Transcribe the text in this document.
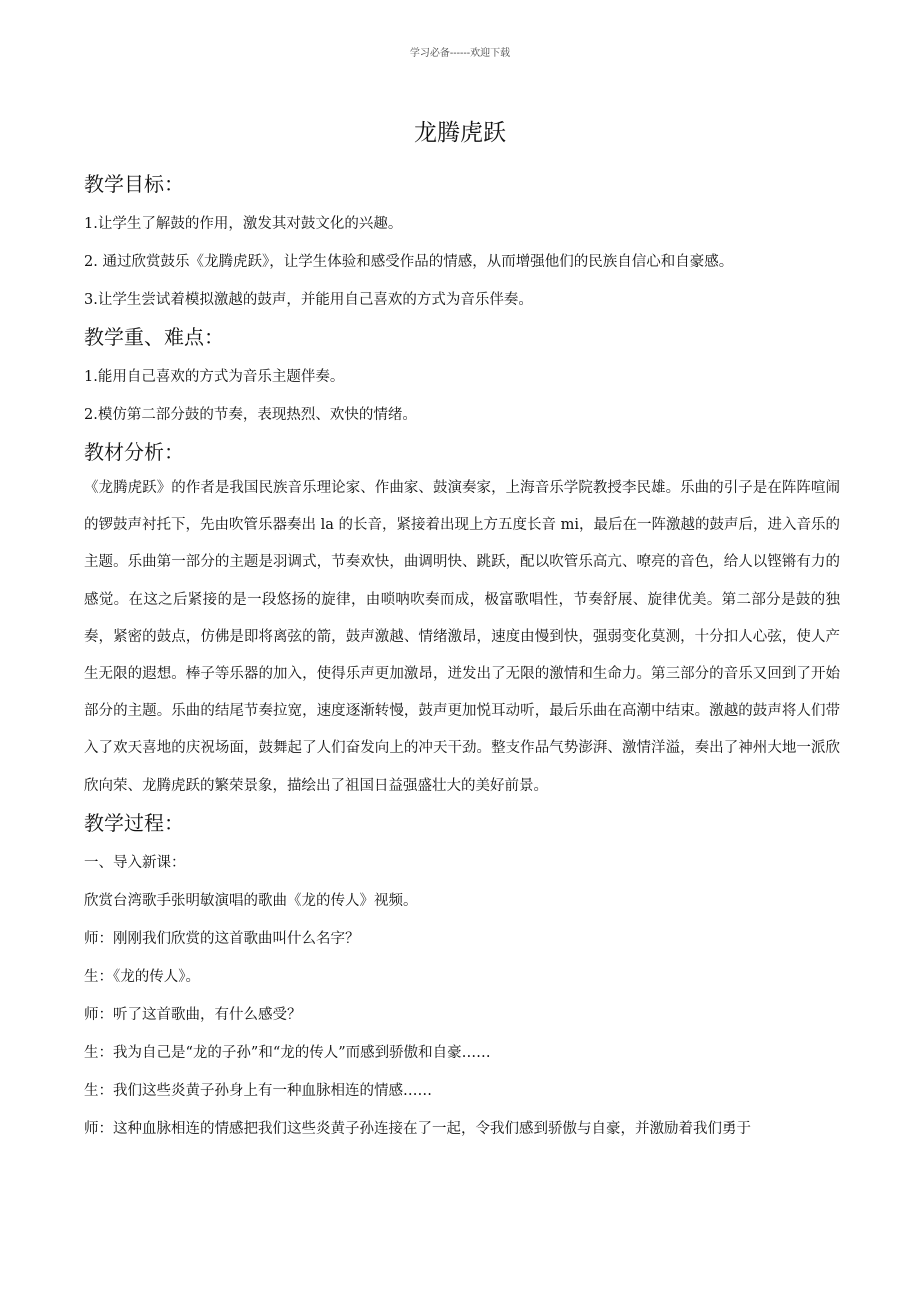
学习必备------欢迎下载
龙腾虎跃
教学目标：

1.让学生了解鼓的作用，激发其对鼓文化的兴趣。

2. 通过欣赏鼓乐《龙腾虎跃》，让学生体验和感受作品的情感，从而增强他们的民族自信心和自豪感。

3.让学生尝试着模拟激越的鼓声，并能用自己喜欢的方式为音乐伴奏。

教学重、难点：

1.能用自己喜欢的方式为音乐主题伴奏。

2.模仿第二部分鼓的节奏，表现热烈、欢快的情绪。

教材分析：

《龙腾虎跃》的作者是我国民族音乐理论家、作曲家、鼓演奏家，上海音乐学院教授李民雄。乐曲的引子是在阵阵喧闹的锣鼓声衬托下，先由吹管乐器奏出 la 的长音，紧接着出现上方五度长音 mi，最后在一阵激越的鼓声后，进入音乐的主题。乐曲第一部分的主题是羽调式，节奏欢快，曲调明快、跳跃，配以吹管乐高亢、嘹亮的音色，给人以铿锵有力的感觉。在这之后紧接的是一段悠扬的旋律，由唢呐吹奏而成，极富歌唱性，节奏舒展、旋律优美。第二部分是鼓的独奏，紧密的鼓点，仿佛是即将离弦的箭，鼓声激越、情绪激昂，速度由慢到快，强弱变化莫测，十分扣人心弦，使人产生无限的遐想。棒子等乐器的加入，使得乐声更加激昂，迸发出了无限的激情和生命力。第三部分的音乐又回到了开始部分的主题。乐曲的结尾节奏拉宽，速度逐渐转慢，鼓声更加悦耳动听，最后乐曲在高潮中结束。激越的鼓声将人们带入了欢天喜地的庆祝场面，鼓舞起了人们奋发向上的冲天干劲。整支作品气势澎湃、激情洋溢，奏出了神州大地一派欣欣向荣、龙腾虎跃的繁荣景象，描绘出了祖国日益强盛壮大的美好前景。

教学过程：

一、导入新课：

欣赏台湾歌手张明敏演唱的歌曲《龙的传人》视频。

师：刚刚我们欣赏的这首歌曲叫什么名字？

生：《龙的传人》。

师：听了这首歌曲，有什么感受？

生：我为自己是“龙的子孙”和“龙的传人”而感到骄傲和自豪……

生：我们这些炎黄子孙身上有一种血脉相连的情感……

师：这种血脉相连的情感把我们这些炎黄子孙连接在了一起，令我们感到骄傲与自豪，并激励着我们勇于
